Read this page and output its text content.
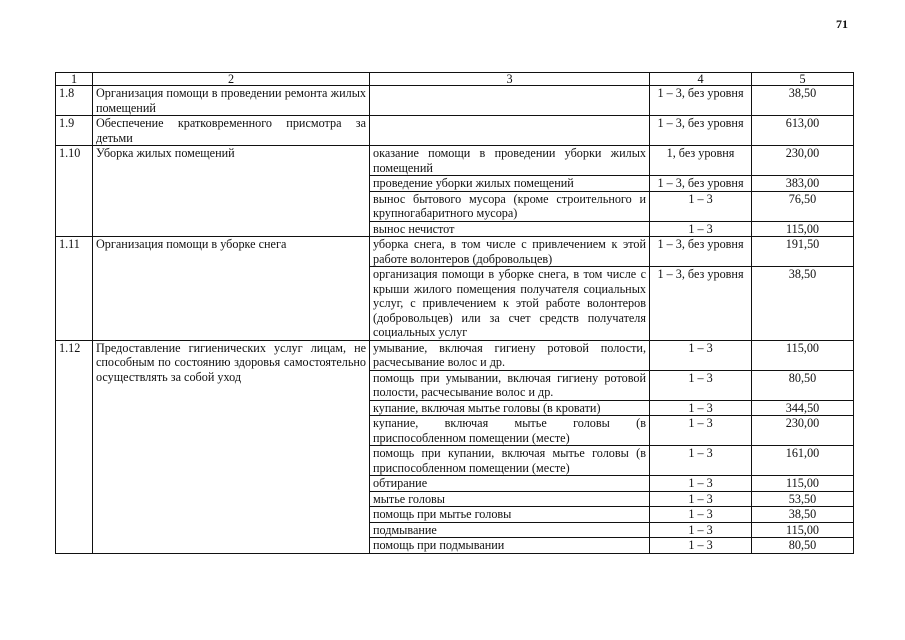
71
1	2	3	4	5
1.8	Организация помощи в проведении ремонта жилых помещений		1 – 3, без уровня	38,50
1.9	Обеспечение кратковременного присмотра за детьми		1 – 3, без уровня	613,00
1.10	Уборка жилых помещений	оказание помощи в проведении уборки жилых помещений	1, без уровня	230,00
		проведение уборки жилых помещений	1 – 3, без уровня	383,00
		вынос бытового мусора (кроме строительного и крупногабаритного мусора)	1 – 3	76,50
		вынос нечистот	1 – 3	115,00
1.11	Организация помощи в уборке снега	уборка снега, в том числе с привлечением к этой работе волонтеров (добровольцев)	1 – 3, без уровня	191,50
		организация помощи в уборке снега, в том числе с крыши жилого помещения получателя социальных услуг, с привлечением к этой работе волонтеров (добровольцев) или за счет средств получателя социальных услуг	1 – 3, без уровня	38,50
1.12	Предоставление гигиенических услуг лицам, не способным по состоянию здоровья самостоятельно осуществлять за собой уход	умывание, включая гигиену ротовой полости, расчесывание волос и др.	1 – 3	115,00
		помощь при умывании, включая гигиену ротовой полости, расчесывание волос и др.	1 – 3	80,50
		купание, включая мытье головы (в кровати)	1 – 3	344,50
		купание, включая мытье головы (в приспособленном помещении (месте)	1 – 3	230,00
		помощь при купании, включая мытье головы (в приспособленном помещении (месте)	1 – 3	161,00
		обтирание	1 – 3	115,00
		мытье головы	1 – 3	53,50
		помощь при мытье головы	1 – 3	38,50
		подмывание	1 – 3	115,00
		помощь при подмывании	1 – 3	80,50
